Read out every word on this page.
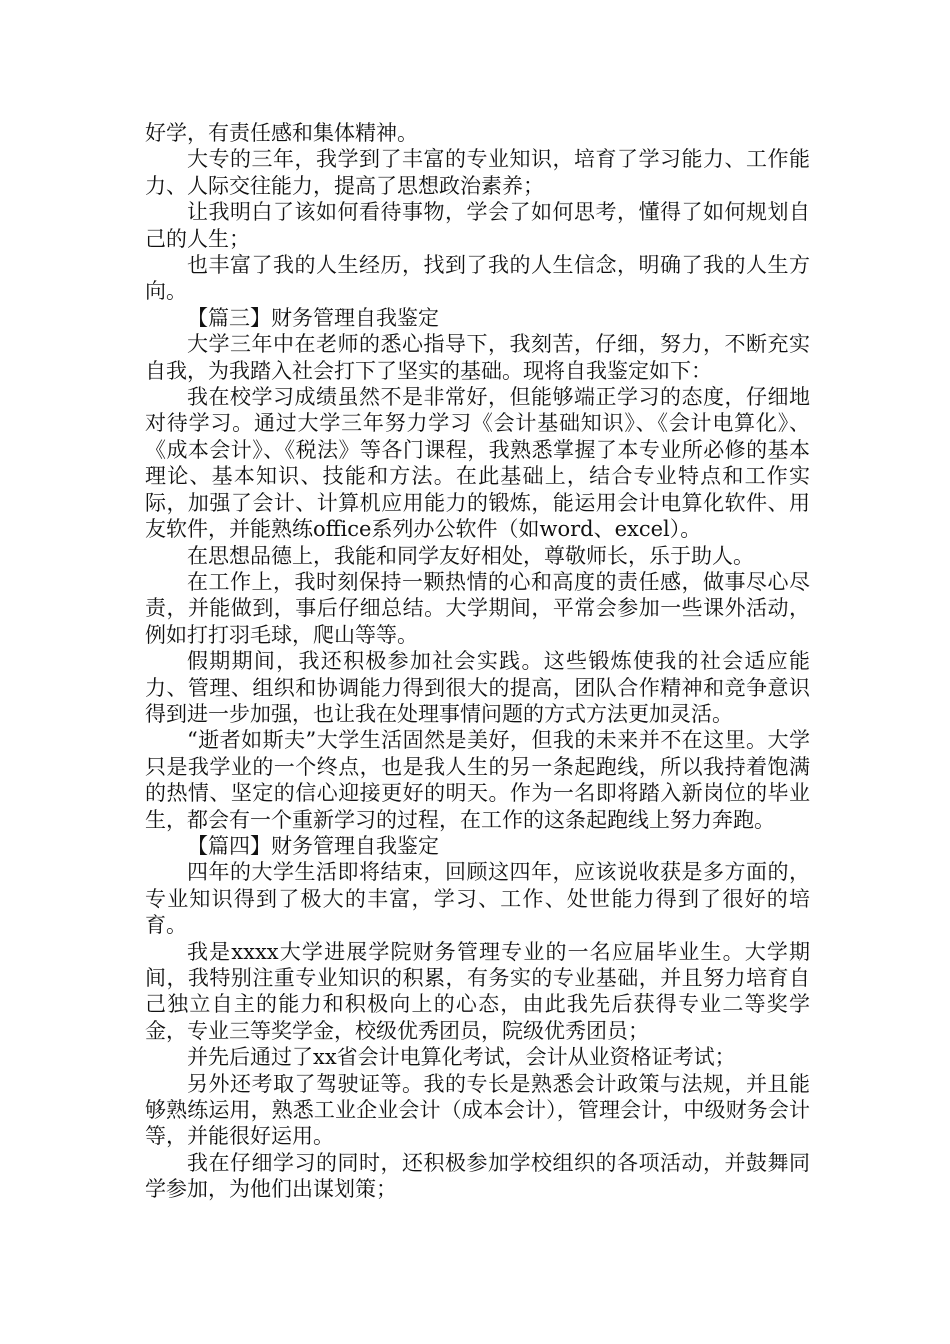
好学，有责任感和集体精神。

大专的三年，我学到了丰富的专业知识，培育了学习能力、工作能力、人际交往能力，提高了思想政治素养；

让我明白了该如何看待事物，学会了如何思考，懂得了如何规划自己的人生；

也丰富了我的人生经历，找到了我的人生信念，明确了我的人生方向。

【篇三】财务管理自我鉴定

大学三年中在老师的悉心指导下，我刻苦，仔细，努力，不断充实自我，为我踏入社会打下了坚实的基础。现将自我鉴定如下：

我在校学习成绩虽然不是非常好，但能够端正学习的态度，仔细地对待学习。通过大学三年努力学习《会计基础知识》、《会计电算化》、《成本会计》、《税法》等各门课程，我熟悉掌握了本专业所必修的基本理论、基本知识、技能和方法。在此基础上，结合专业特点和工作实际，加强了会计、计算机应用能力的锻炼，能运用会计电算化软件、用友软件，并能熟练office系列办公软件（如word、excel）。

在思想品德上，我能和同学友好相处，尊敬师长，乐于助人。

在工作上，我时刻保持一颗热情的心和高度的责任感，做事尽心尽责，并能做到，事后仔细总结。大学期间，平常会参加一些课外活动，例如打打羽毛球，爬山等等。

假期期间，我还积极参加社会实践。这些锻炼使我的社会适应能力、管理、组织和协调能力得到很大的提高，团队合作精神和竞争意识得到进一步加强，也让我在处理事情问题的方式方法更加灵活。

“逝者如斯夫”大学生活固然是美好，但我的未来并不在这里。大学只是我学业的一个终点，也是我人生的另一条起跑线，所以我持着饱满的热情、坚定的信心迎接更好的明天。作为一名即将踏入新岗位的毕业生，都会有一个重新学习的过程，在工作的这条起跑线上努力奔跑。

【篇四】财务管理自我鉴定

四年的大学生活即将结束，回顾这四年，应该说收获是多方面的，专业知识得到了极大的丰富，学习、工作、处世能力得到了很好的培育。

我是xxxx大学进展学院财务管理专业的一名应届毕业生。大学期间，我特别注重专业知识的积累，有务实的专业基础，并且努力培育自己独立自主的能力和积极向上的心态，由此我先后获得专业二等奖学金，专业三等奖学金，校级优秀团员，院级优秀团员；

并先后通过了xx省会计电算化考试，会计从业资格证考试；

另外还考取了驾驶证等。我的专长是熟悉会计政策与法规，并且能够熟练运用，熟悉工业企业会计（成本会计），管理会计，中级财务会计等，并能很好运用。

我在仔细学习的同时，还积极参加学校组织的各项活动，并鼓舞同学参加，为他们出谋划策；
